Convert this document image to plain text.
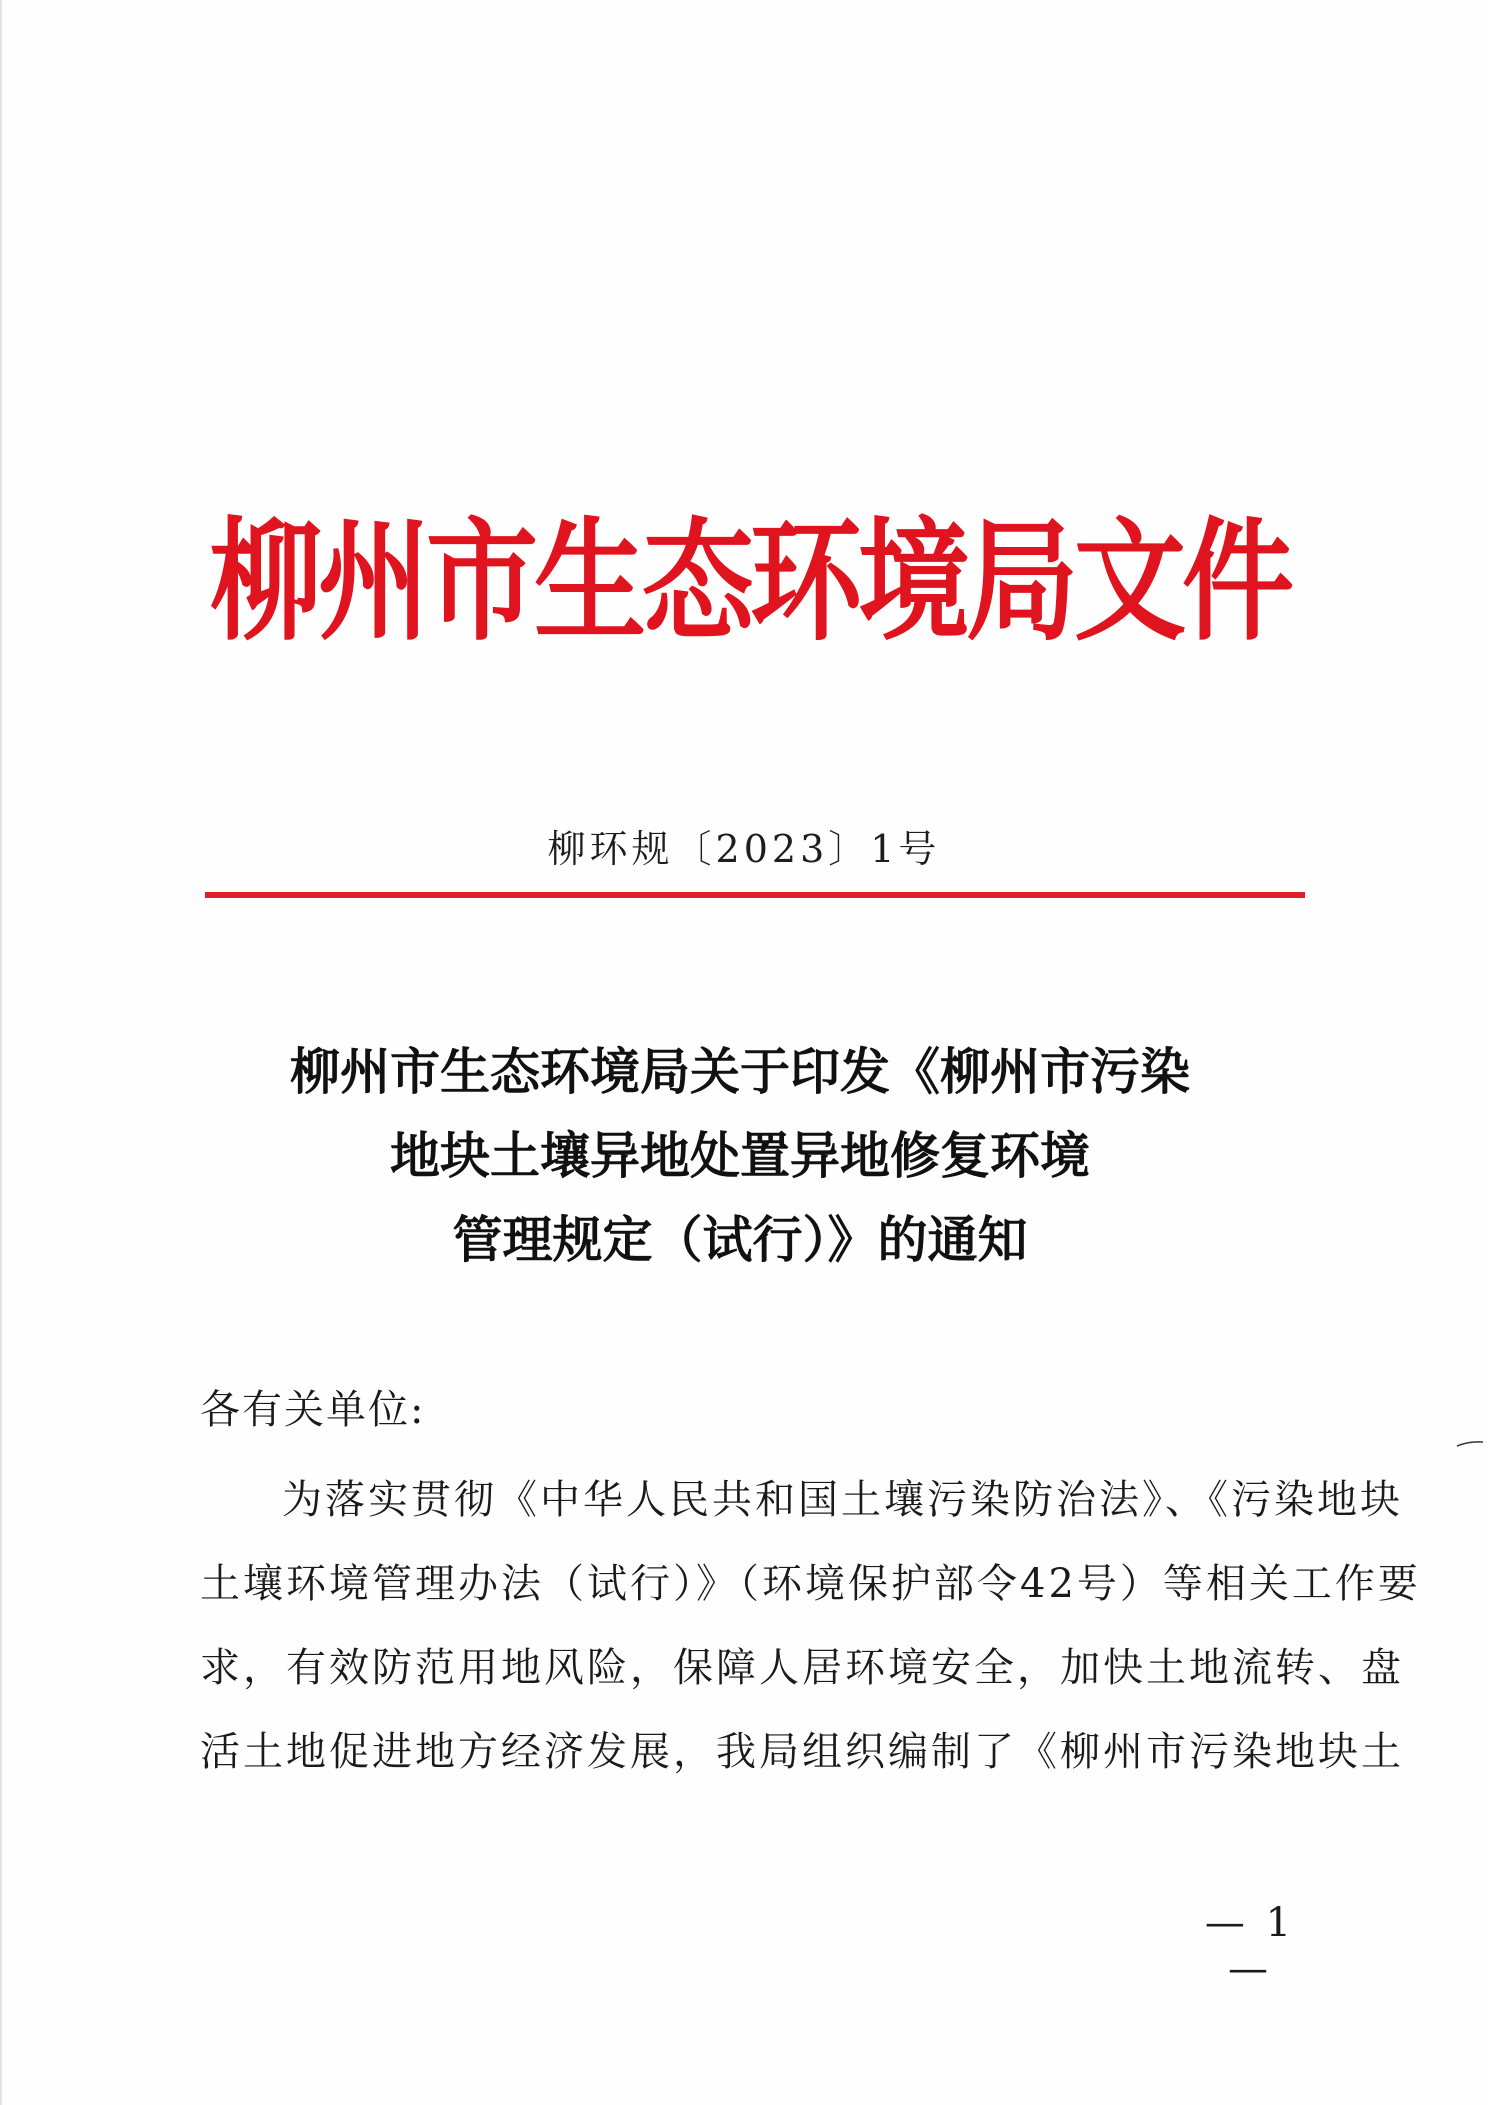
柳州市生态环境局文件
柳环规〔2023〕1号
柳州市生态环境局关于印发《柳州市污染
地块土壤异地处置异地修复环境
管理规定（试行）》的通知
各有关单位:
为落实贯彻《中华人民共和国土壤污染防治法》、《污染地块
土壤环境管理办法（试行）》（环境保护部令42号）等相关工作要
求，有效防范用地风险，保障人居环境安全，加快土地流转、盘
活土地促进地方经济发展，我局组织编制了《柳州市污染地块土
— 1 —
